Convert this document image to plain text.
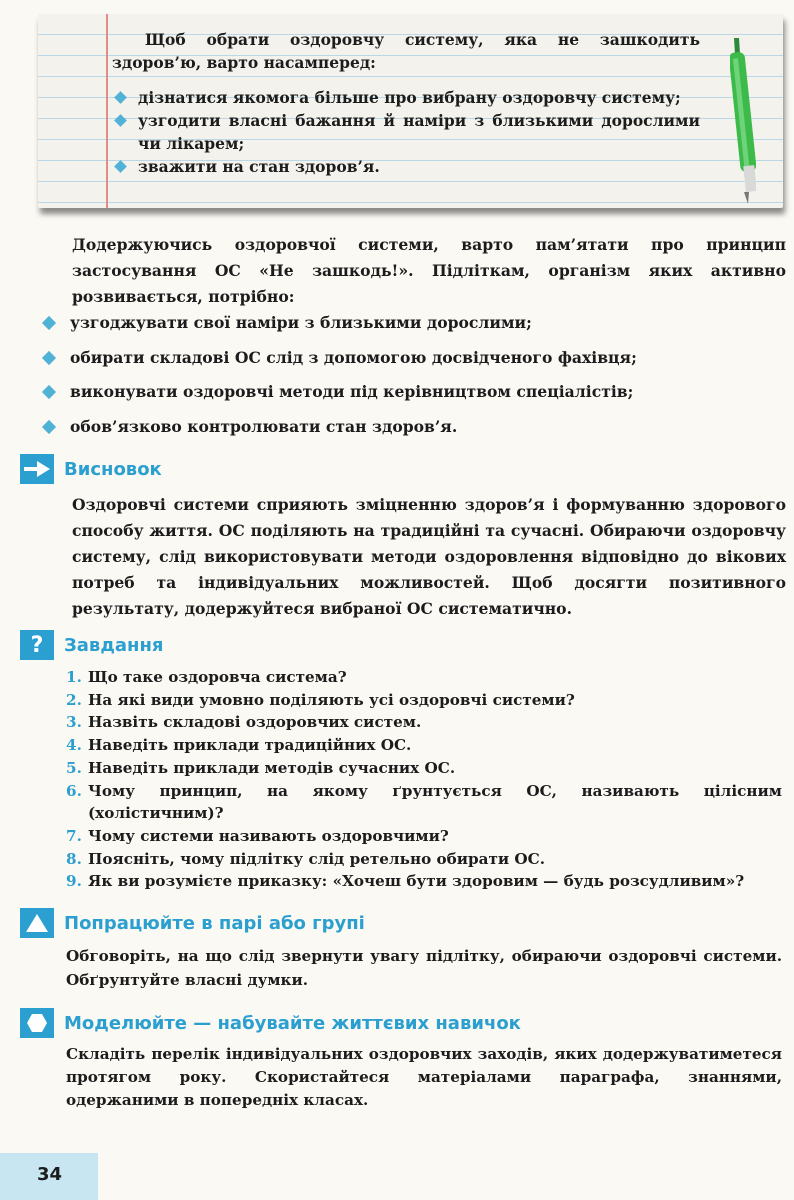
Щоб обрати оздоровчу систему, яка не зашкодить здоров’ю, варто насамперед:

дізнатися якомога більше про вибрану оздоровчу систему;
узгодити власні бажання й наміри з близькими дорослими чи лікарем;
зважити на стан здоров’я.

Додержуючись оздоровчої системи, варто пам’ятати про принцип застосування ОС «Не зашкодь!». Підліткам, організм яких активно розвивається, потрібно:

узгоджувати свої наміри з близькими дорослими;
обирати складові ОС слід з допомогою досвідченого фахівця;
виконувати оздоровчі методи під керівництвом спеціалістів;
обов’язково контролювати стан здоров’я.
Висновок

Оздоровчі системи сприяють зміцненню здоров’я і формуванню здорового способу життя. ОС поділяють на традиційні та сучасні. Обираючи оздоровчу систему, слід використовувати методи оздоровлення відповідно до вікових потреб та індивідуальних можливостей. Щоб досягти позитивного результату, додержуйтеся вибраної ОС систематично.

?	Завдання
1. Що таке оздоровча система?
2. На які види умовно поділяють усі оздоровчі системи?
3. Назвіть складові оздоровчих систем.
4. Наведіть приклади традиційних ОС.
5. Наведіть приклади методів сучасних ОС.
6. Чому принцип, на якому ґрунтується ОС, називають цілісним (холістичним)?
7. Чому системи називають оздоровчими?
8. Поясніть, чому підлітку слід ретельно обирати ОС.
9. Як ви розумієте приказку: «Хочеш бути здоровим — будь розсудливим»?
Попрацюйте в парі або групі

Обговоріть, на що слід звернути увагу підлітку, обираючи оздоровчі системи. Обґрунтуйте власні думки.

Моделюйте — набувайте життєвих навичок

Складіть перелік індивідуальних оздоровчих заходів, яких додержуватиметеся протягом року. Скористайтеся матеріалами параграфа, знаннями, одержаними в попередніх класах.

34
